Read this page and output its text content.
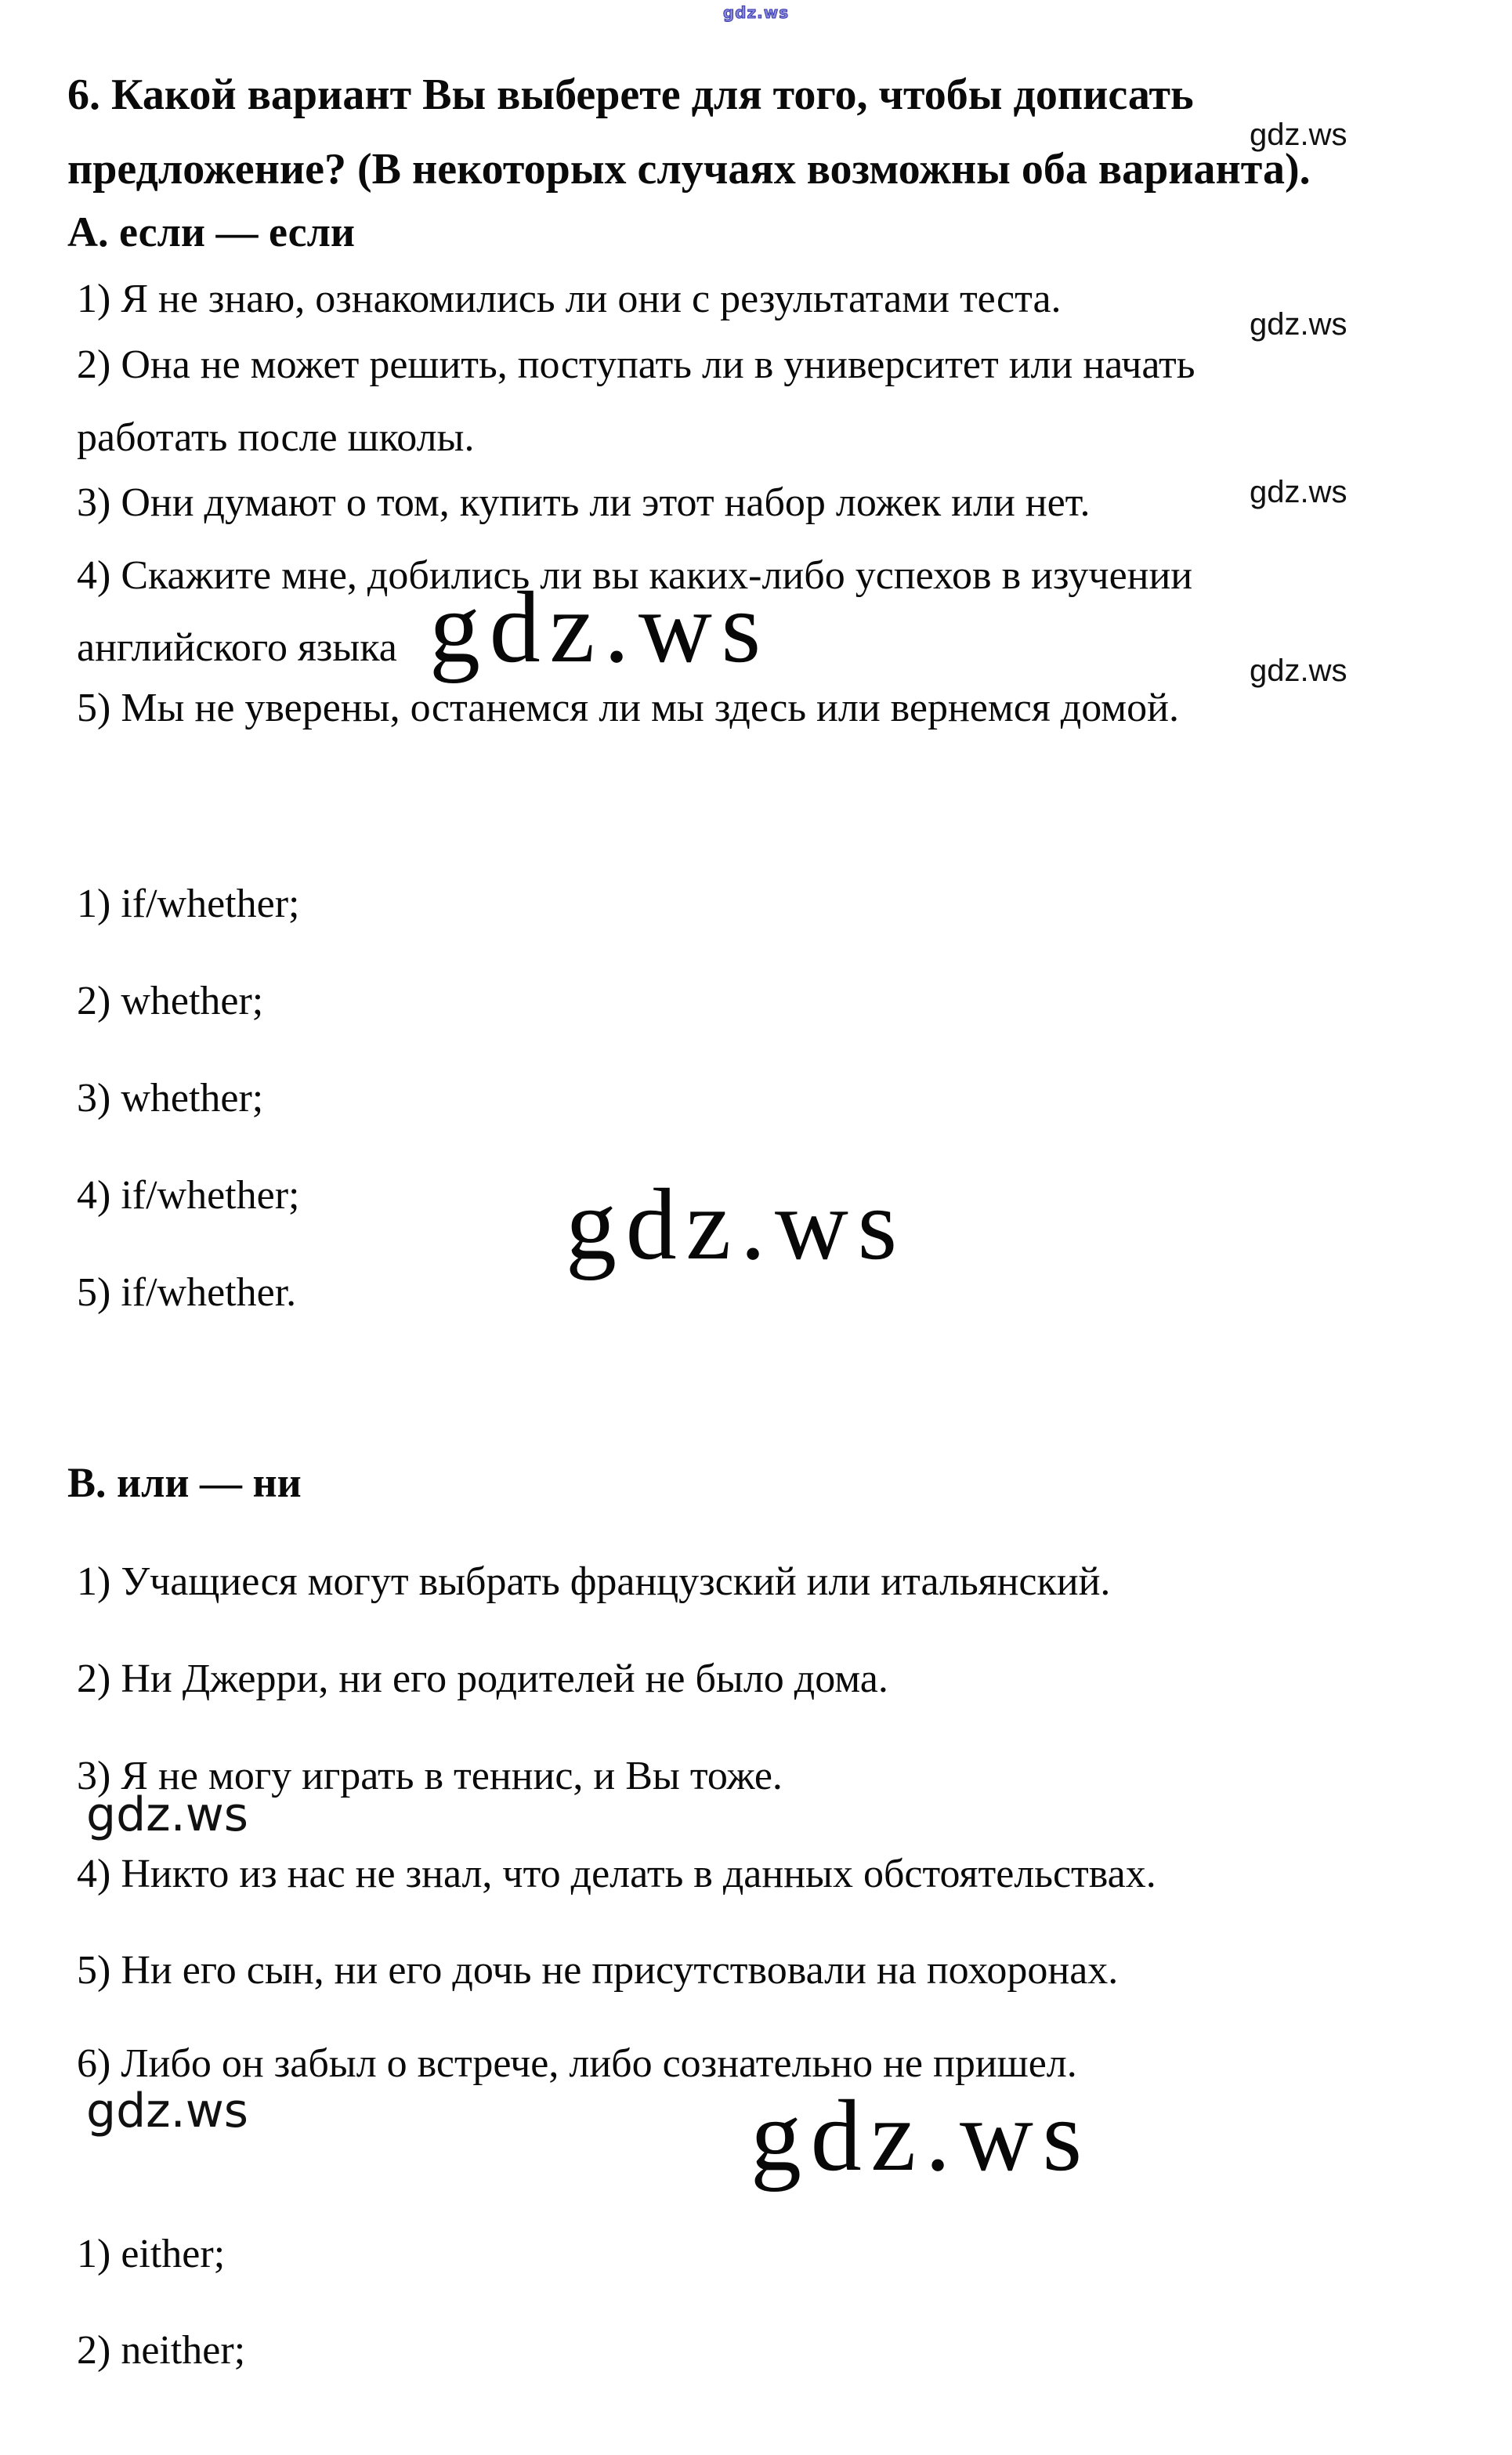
gdz.ws
gdz.ws
gdz.ws
gdz.ws
gdz.ws
gdz.ws
gdz.ws
gdz.ws
gdz.ws
gdz.ws
6. Какой вариант Вы выберете для того, чтобы дописать
предложение? (В некоторых случаях возможны оба варианта).
А. если — если
1) Я не знаю, ознакомились ли они с результатами теста.
2) Она не может решить, поступать ли в университет или начать
работать после школы.
3) Они думают о том, купить ли этот набор ложек или нет.
4) Скажите мне, добились ли вы каких-либо успехов в изучении
английского языка
5) Мы не уверены, останемся ли мы здесь или вернемся домой.
1) if/whether;
2) whether;
3) whether;
4) if/whether;
5) if/whether.
В. или — ни
1) Учащиеся могут выбрать французский или итальянский.
2) Ни Джерри, ни его родителей не было дома.
3) Я не могу играть в теннис, и Вы тоже.
4) Никто из нас не знал, что делать в данных обстоятельствах.
5) Ни его сын, ни его дочь не присутствовали на похоронах.
6) Либо он забыл о встрече, либо сознательно не пришел.
1) either;
2) neither;
